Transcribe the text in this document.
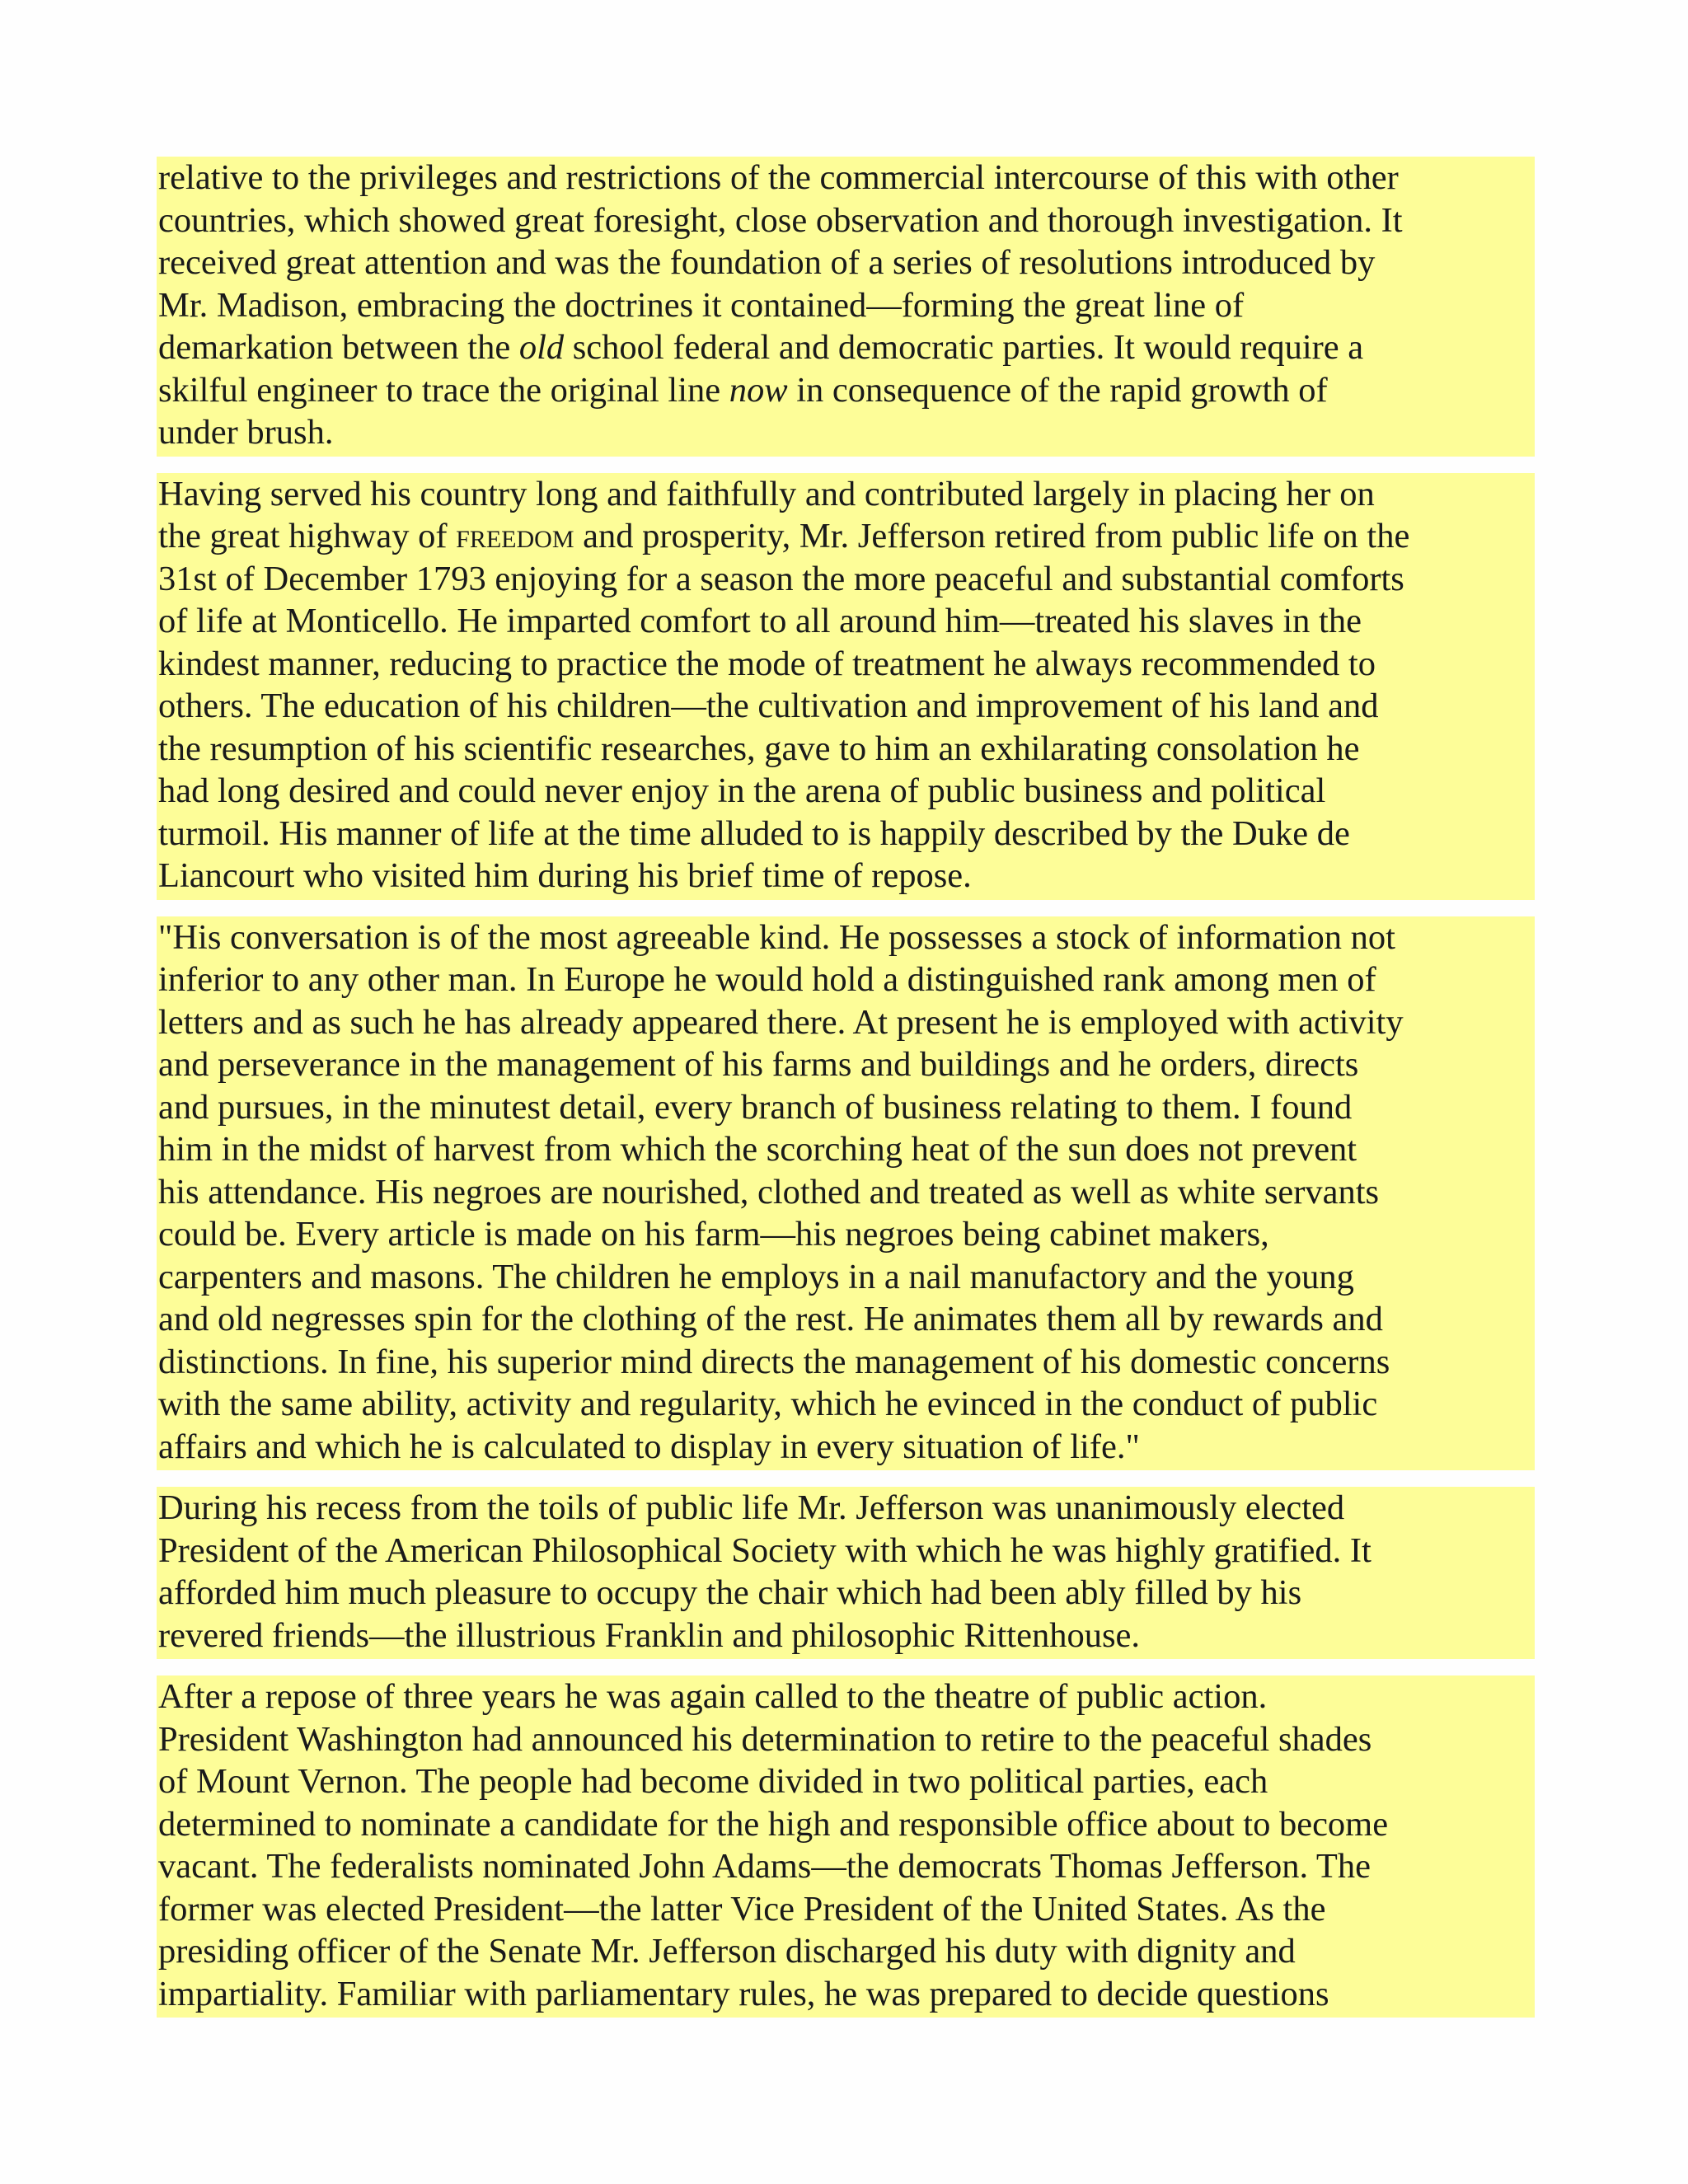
relative to the privileges and restrictions of the commercial intercourse of this with other
countries, which showed great foresight, close observation and thorough investigation. It
received great attention and was the foundation of a series of resolutions introduced by
Mr. Madison, embracing the doctrines it contained—forming the great line of
demarkation between the old school federal and democratic parties. It would require a
skilful engineer to trace the original line now in consequence of the rapid growth of
under brush.
Having served his country long and faithfully and contributed largely in placing her on
the great highway of freedom and prosperity, Mr. Jefferson retired from public life on the
31st of December 1793 enjoying for a season the more peaceful and substantial comforts
of life at Monticello. He imparted comfort to all around him—treated his slaves in the
kindest manner, reducing to practice the mode of treatment he always recommended to
others. The education of his children—the cultivation and improvement of his land and
the resumption of his scientific researches, gave to him an exhilarating consolation he
had long desired and could never enjoy in the arena of public business and political
turmoil. His manner of life at the time alluded to is happily described by the Duke de
Liancourt who visited him during his brief time of repose.
"His conversation is of the most agreeable kind. He possesses a stock of information not
inferior to any other man. In Europe he would hold a distinguished rank among men of
letters and as such he has already appeared there. At present he is employed with activity
and perseverance in the management of his farms and buildings and he orders, directs
and pursues, in the minutest detail, every branch of business relating to them. I found
him in the midst of harvest from which the scorching heat of the sun does not prevent
his attendance. His negroes are nourished, clothed and treated as well as white servants
could be. Every article is made on his farm—his negroes being cabinet makers,
carpenters and masons. The children he employs in a nail manufactory and the young
and old negresses spin for the clothing of the rest. He animates them all by rewards and
distinctions. In fine, his superior mind directs the management of his domestic concerns
with the same ability, activity and regularity, which he evinced in the conduct of public
affairs and which he is calculated to display in every situation of life."
During his recess from the toils of public life Mr. Jefferson was unanimously elected
President of the American Philosophical Society with which he was highly gratified. It
afforded him much pleasure to occupy the chair which had been ably filled by his
revered friends—the illustrious Franklin and philosophic Rittenhouse.
After a repose of three years he was again called to the theatre of public action.
President Washington had announced his determination to retire to the peaceful shades
of Mount Vernon. The people had become divided in two political parties, each
determined to nominate a candidate for the high and responsible office about to become
vacant. The federalists nominated John Adams—the democrats Thomas Jefferson. The
former was elected President—the latter Vice President of the United States. As the
presiding officer of the Senate Mr. Jefferson discharged his duty with dignity and
impartiality. Familiar with parliamentary rules, he was prepared to decide questions
